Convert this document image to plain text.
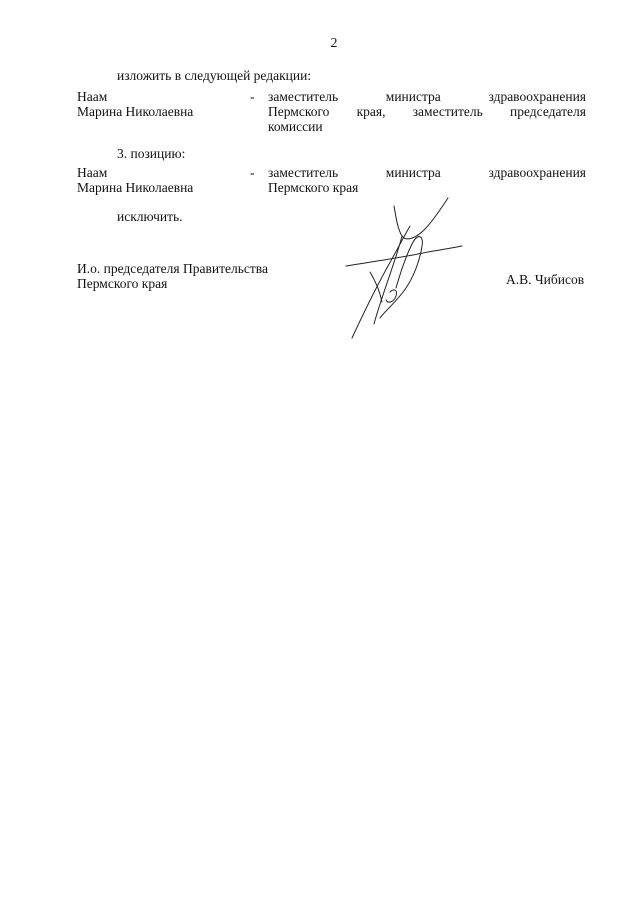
2
изложить в следующей редакции:
Наам
Марина Николаевна
- заместитель министра здравоохранения
Пермского края, заместитель председателя
комиссии
3. позицию:
Наам
Марина Николаевна
- заместитель министра здравоохранения
Пермского края
исключить.
И.о. председателя Правительства
Пермского края	А.В. Чибисов
